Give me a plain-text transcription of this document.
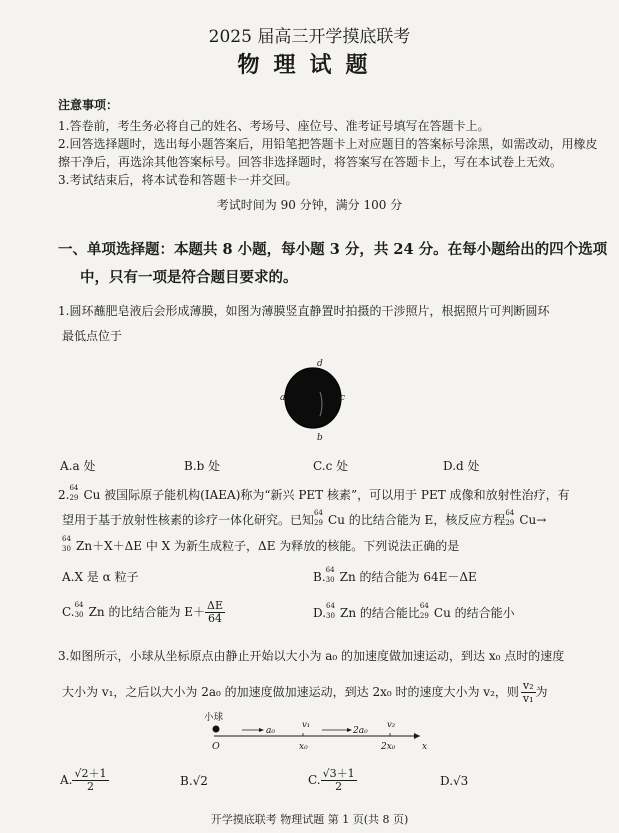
2025 届高三开学摸底联考
物理试题
注意事项：
1.答卷前，考生务必将自己的姓名、考场号、座位号、准考证号填写在答题卡上。
2.回答选择题时，选出每小题答案后，用铅笔把答题卡上对应题目的答案标号涂黑，如需改动，用橡皮
擦干净后，再选涂其他答案标号。回答非选择题时，将答案写在答题卡上，写在本试卷上无效。
3.考试结束后，将本试卷和答题卡一并交回。
考试时间为 90 分钟，满分 100 分
一、单项选择题：本题共 8 小题，每小题 3 分，共 24 分。在每小题给出的四个选项
中，只有一项是符合题目要求的。
1.圆环蘸肥皂液后会形成薄膜，如图为薄膜竖直静置时拍摄的干涉照片，根据照片可判断圆环
最低点位于
d
a	c
b
A.a 处	B.b 处	C.c 处	D.d 处
2. 64
29 Cu 被国际原子能机构(IAEA)称为“新兴 PET 核素”，可以用于 PET 成像和放射性治疗，有
望用于基于放射性核素的诊疗一体化研究。已知 64
29 Cu 的比结合能为 E，核反应方程 64
29 Cu→
64
30 Zn＋X＋ΔE 中 X 为新生成粒子，ΔE 为释放的核能。下列说法正确的是
A.X 是 α 粒子	B. 64
30 Zn 的结合能为 64E－ΔE
C. 64
30 Zn 的比结合能为 $E+ \frac{\Delta E}{64}$	D. 64
30 Zn 的结合能比 64
29 Cu 的结合能小
3.如图所示，小球从坐标原点由静止开始以大小为 a₀ 的加速度做加速运动，到达 x₀ 点时的速度
大小为 v₁，之后以大小为 2a₀ 的加速度做加速运动，到达 2x₀ 时的速度大小为 v₂，则 $\frac{\text{v₂}}{\text{v₁}}$ 为
小球
O
a₀
v₁
x₀
2a₀
v₂
2x₀	x
A. $\frac{√2+1}{2}$	B.√2	C. $\frac{√3+1}{2}$	D.√3
开学摸底联考 物理试题 第 1 页(共 8 页)
